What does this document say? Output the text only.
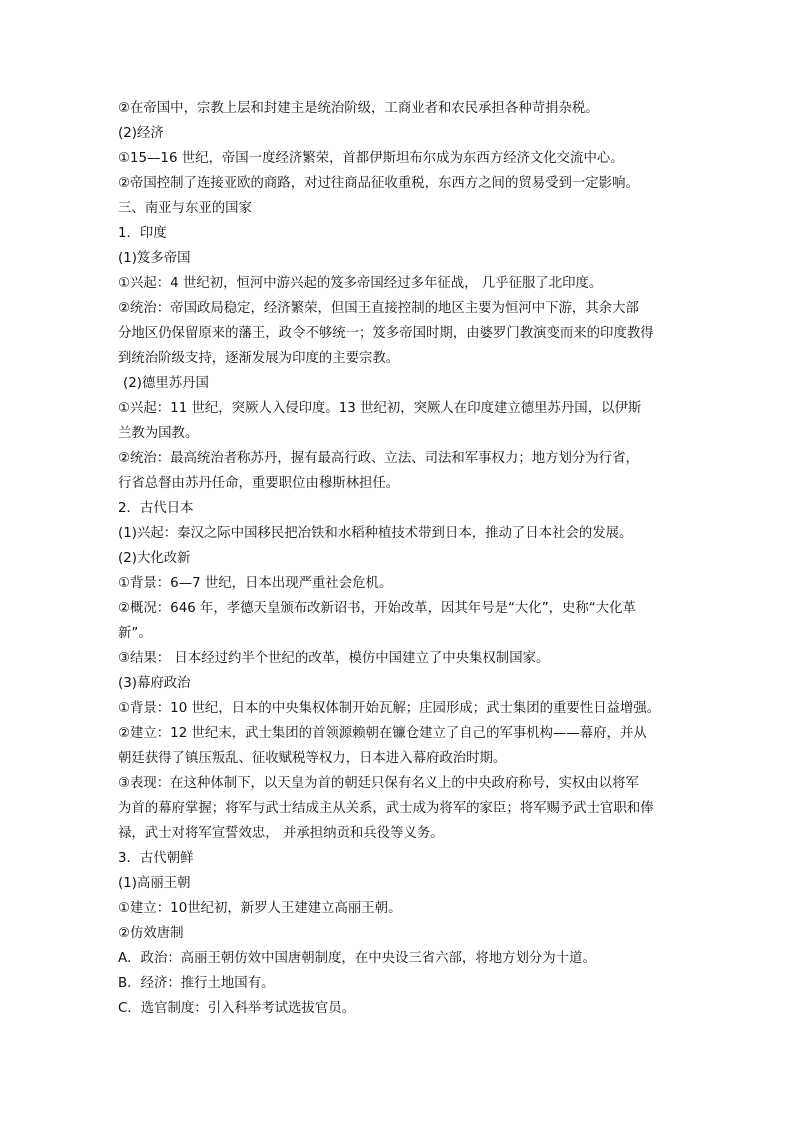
②在帝国中，宗教上层和封建主是统治阶级，工商业者和农民承担各种苛捐杂税。

(2)经济

①15—16 世纪，帝国一度经济繁荣，首都伊斯坦布尔成为东西方经济文化交流中心。

②帝国控制了连接亚欧的商路，对过往商品征收重税，东西方之间的贸易受到一定影响。

三、南亚与东亚的国家

1．印度

(1)笈多帝国

①兴起：4 世纪初，恒河中游兴起的笈多帝国经过多年征战， 几乎征服了北印度。

②统治：帝国政局稳定，经济繁荣，但国王直接控制的地区主要为恒河中下游，其余大部

分地区仍保留原来的藩王，政令不够统一；笈多帝国时期，由婆罗门教演变而来的印度教得

到统治阶级支持，逐渐发展为印度的主要宗教。

(2)德里苏丹国

①兴起：11 世纪，突厥人入侵印度。13 世纪初，突厥人在印度建立德里苏丹国，以伊斯

兰教为国教。

②统治：最高统治者称苏丹，握有最高行政、立法、司法和军事权力；地方划分为行省，

行省总督由苏丹任命，重要职位由穆斯林担任。

2．古代日本

(1)兴起：秦汉之际中国移民把冶铁和水稻种植技术带到日本，推动了日本社会的发展。

(2)大化改新

①背景：6—7 世纪，日本出现严重社会危机。

②概况：646 年，孝德天皇颁布改新诏书，开始改革，因其年号是“大化”，史称“大化革

新”。

③结果： 日本经过约半个世纪的改革，模仿中国建立了中央集权制国家。

(3)幕府政治

①背景：10 世纪，日本的中央集权体制开始瓦解；庄园形成；武士集团的重要性日益增强。

②建立：12 世纪末，武士集团的首领源赖朝在镰仓建立了自己的军事机构——幕府，并从

朝廷获得了镇压叛乱、征收赋税等权力，日本进入幕府政治时期。

③表现：在这种体制下，以天皇为首的朝廷只保有名义上的中央政府称号，实权由以将军

为首的幕府掌握；将军与武士结成主从关系，武士成为将军的家臣；将军赐予武士官职和俸

禄，武士对将军宣誓效忠， 并承担纳贡和兵役等义务。

3．古代朝鲜

(1)高丽王朝

①建立：10世纪初，新罗人王建建立高丽王朝。

②仿效唐制

A．政治：高丽王朝仿效中国唐朝制度，在中央设三省六部，将地方划分为十道。

B．经济：推行土地国有。

C．选官制度：引入科举考试选拔官员。
